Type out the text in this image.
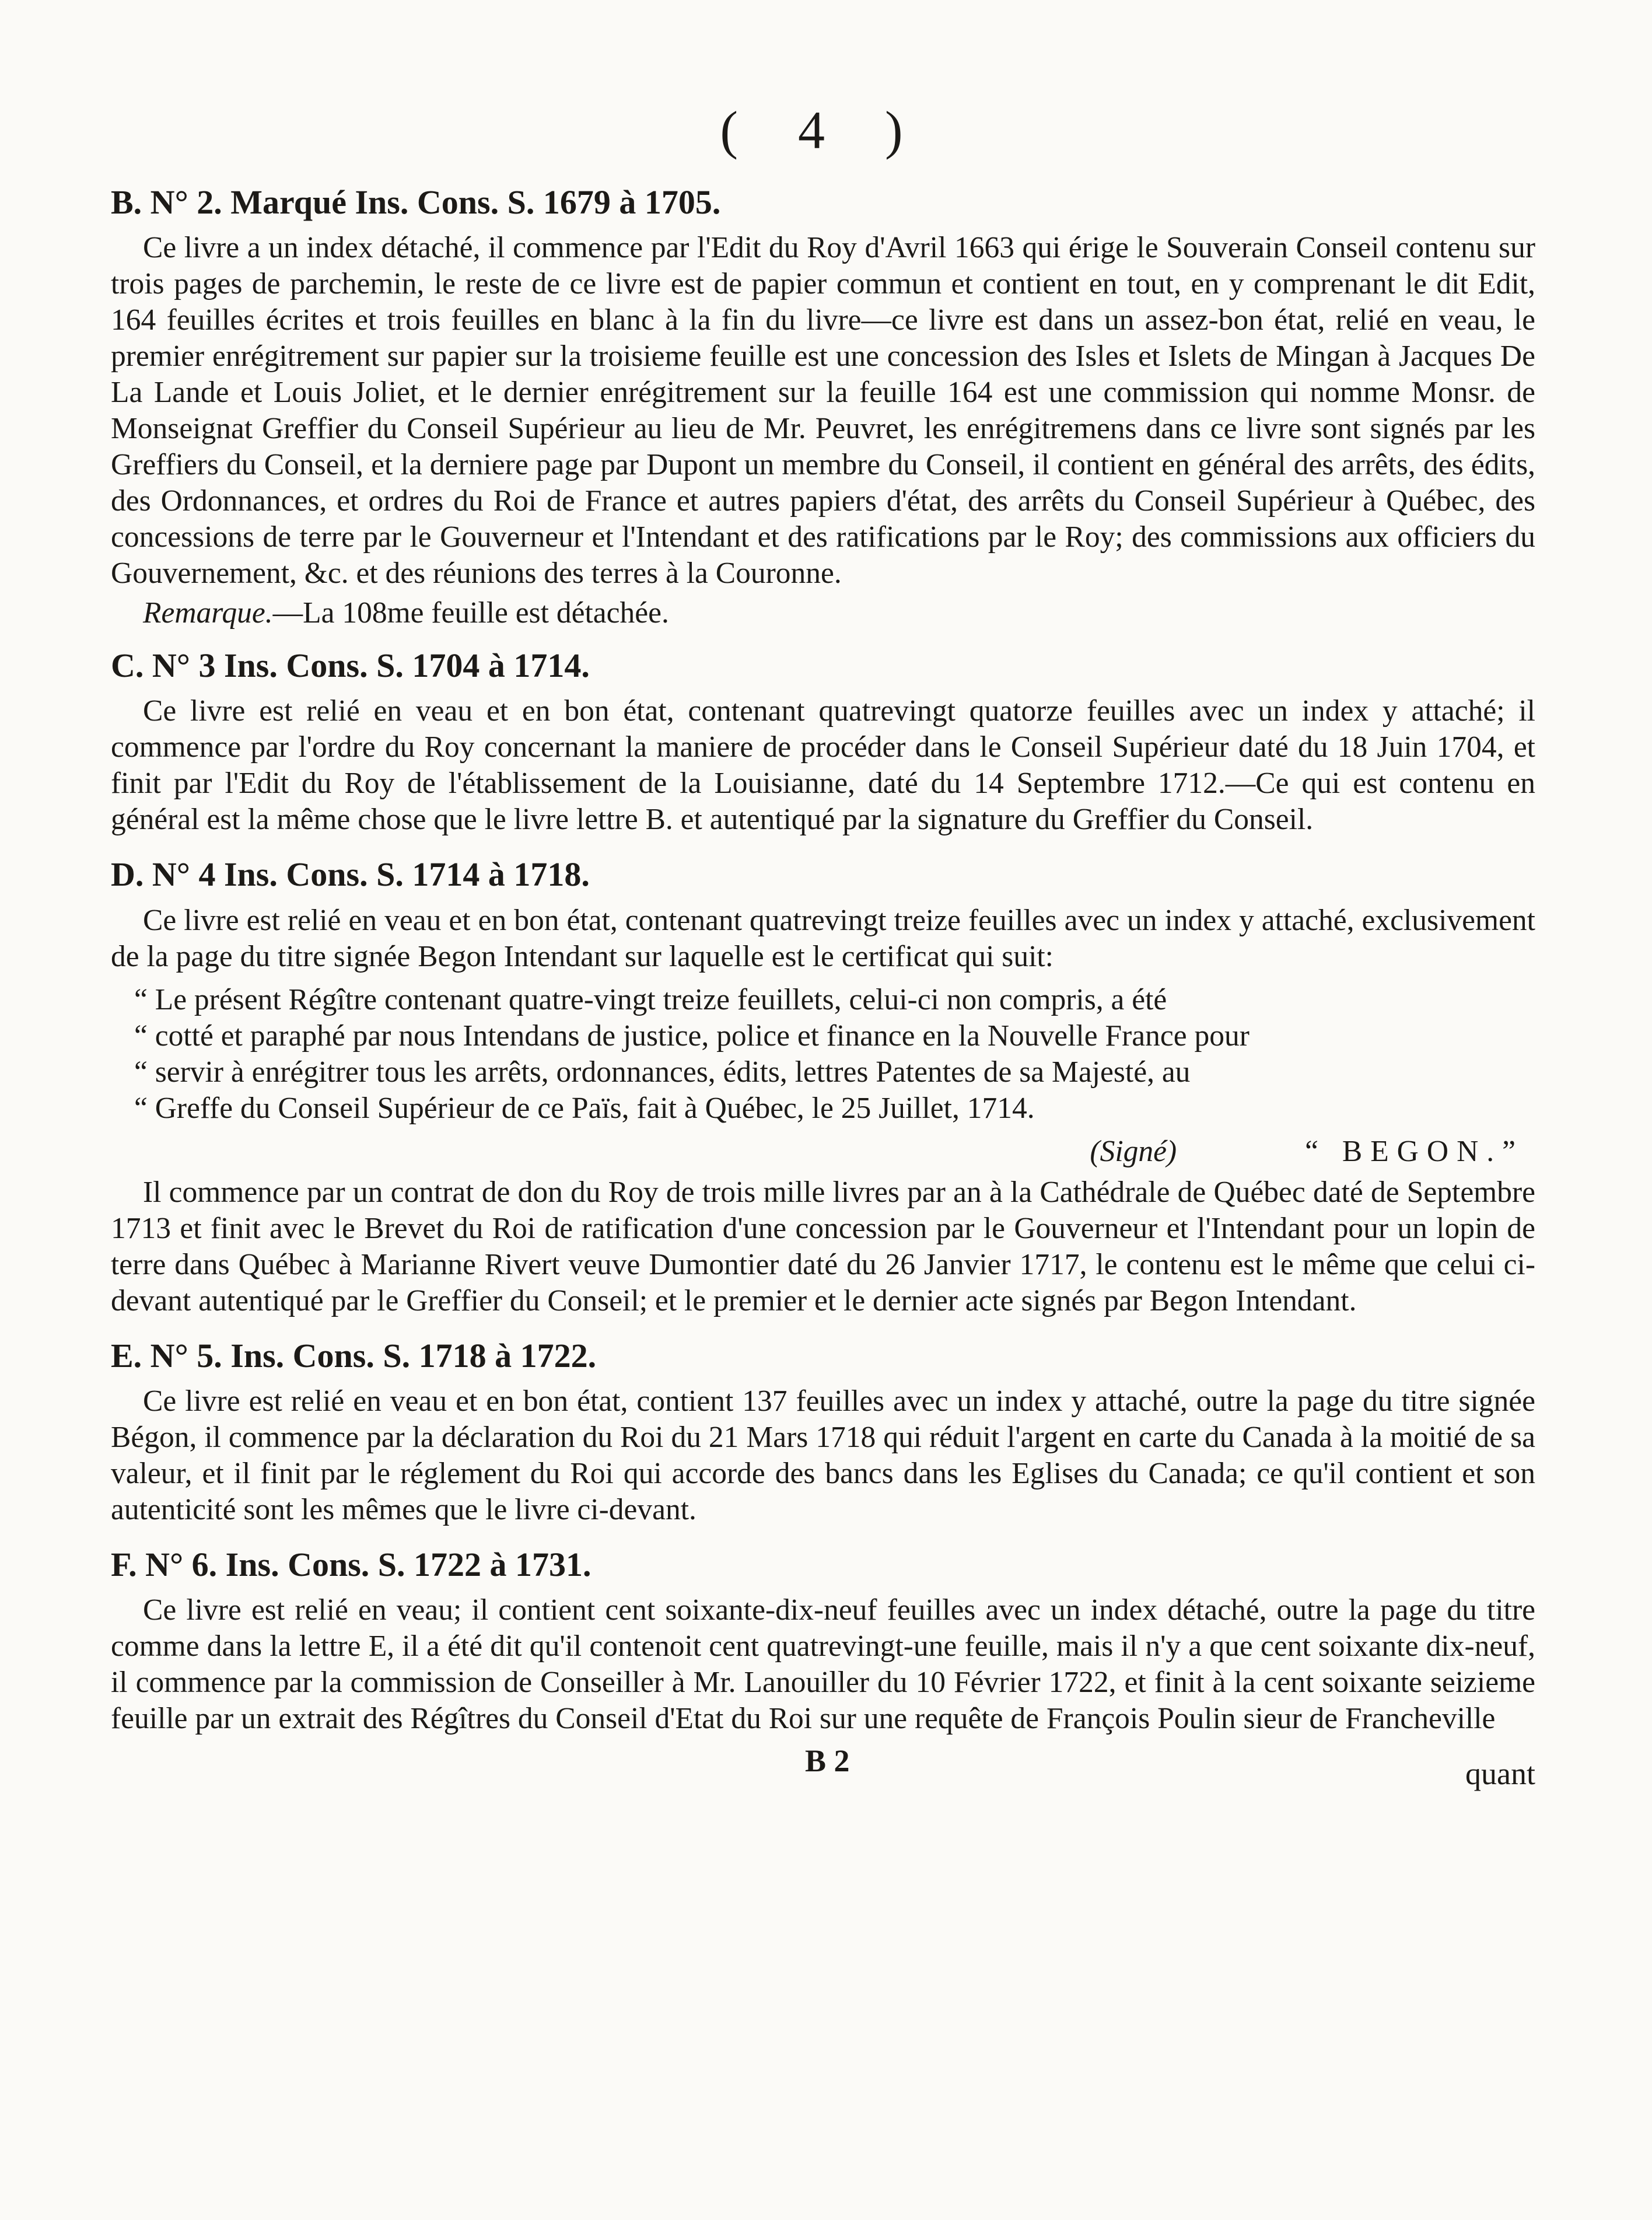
( 4 )
B. N° 2. Marqué Ins. Cons. S. 1679 à 1705.

Ce livre a un index détaché, il commence par l'Edit du Roy d'Avril 1663 qui érige le Souverain Conseil contenu sur trois pages de parchemin, le reste de ce livre est de papier commun et contient en tout, en y comprenant le dit Edit, 164 feuilles écrites et trois feuilles en blanc à la fin du livre—ce livre est dans un assez-bon état, relié en veau, le premier enrégitrement sur papier sur la troisieme feuille est une concession des Isles et Islets de Mingan à Jacques De La Lande et Louis Joliet, et le dernier enrégitrement sur la feuille 164 est une commission qui nomme Monsr. de Monseignat Greffier du Conseil Supérieur au lieu de Mr. Peuvret, les enrégitremens dans ce livre sont signés par les Greffiers du Conseil, et la derniere page par Dupont un membre du Conseil, il contient en général des arrêts, des édits, des Ordonnances, et ordres du Roi de France et autres papiers d'état, des arrêts du Conseil Supérieur à Québec, des concessions de terre par le Gouverneur et l'Intendant et des ratifications par le Roy; des commissions aux officiers du Gouvernement, &c. et des réunions des terres à la Couronne.

Remarque.—La 108me feuille est détachée.

C. N° 3 Ins. Cons. S. 1704 à 1714.

Ce livre est relié en veau et en bon état, contenant quatrevingt quatorze feuilles avec un index y attaché; il commence par l'ordre du Roy concernant la maniere de procéder dans le Conseil Supérieur daté du 18 Juin 1704, et finit par l'Edit du Roy de l'établissement de la Louisianne, daté du 14 Septembre 1712.—Ce qui est contenu en général est la même chose que le livre lettre B. et autentiqué par la signature du Greffier du Conseil.

D. N° 4 Ins. Cons. S. 1714 à 1718.

Ce livre est relié en veau et en bon état, contenant quatrevingt treize feuilles avec un index y attaché, exclusivement de la page du titre signée Begon Intendant sur laquelle est le certificat qui suit:

“ Le présent Régître contenant quatre-vingt treize feuillets, celui-ci non compris, a été
“ cotté et paraphé par nous Intendans de justice, police et finance en la Nouvelle France pour
“ servir à enrégitrer tous les arrêts, ordonnances, édits, lettres Patentes de sa Majesté, au
“ Greffe du Conseil Supérieur de ce Païs, fait à Québec, le 25 Juillet, 1714.
(Signé)	“ BEGON.”

Il commence par un contrat de don du Roy de trois mille livres par an à la Cathédrale de Québec daté de Septembre 1713 et finit avec le Brevet du Roi de ratification d'une concession par le Gouverneur et l'Intendant pour un lopin de terre dans Québec à Marianne Rivert veuve Dumontier daté du 26 Janvier 1717, le contenu est le même que celui ci-devant autentiqué par le Greffier du Conseil; et le premier et le dernier acte signés par Begon Intendant.

E. N° 5. Ins. Cons. S. 1718 à 1722.

Ce livre est relié en veau et en bon état, contient 137 feuilles avec un index y attaché, outre la page du titre signée Bégon, il commence par la déclaration du Roi du 21 Mars 1718 qui réduit l'argent en carte du Canada à la moitié de sa valeur, et il finit par le réglement du Roi qui accorde des bancs dans les Eglises du Canada; ce qu'il contient et son autenticité sont les mêmes que le livre ci-devant.

F. N° 6. Ins. Cons. S. 1722 à 1731.

Ce livre est relié en veau; il contient cent soixante-dix-neuf feuilles avec un index détaché, outre la page du titre comme dans la lettre E, il a été dit qu'il contenoit cent quatrevingt-une feuille, mais il n'y a que cent soixante dix-neuf, il commence par la commission de Conseiller à Mr. Lanouiller du 10 Février 1722, et finit à la cent soixante seizieme feuille par un extrait des Régîtres du Conseil d'Etat du Roi sur une requête de François Poulin sieur de Francheville

B 2	quant
